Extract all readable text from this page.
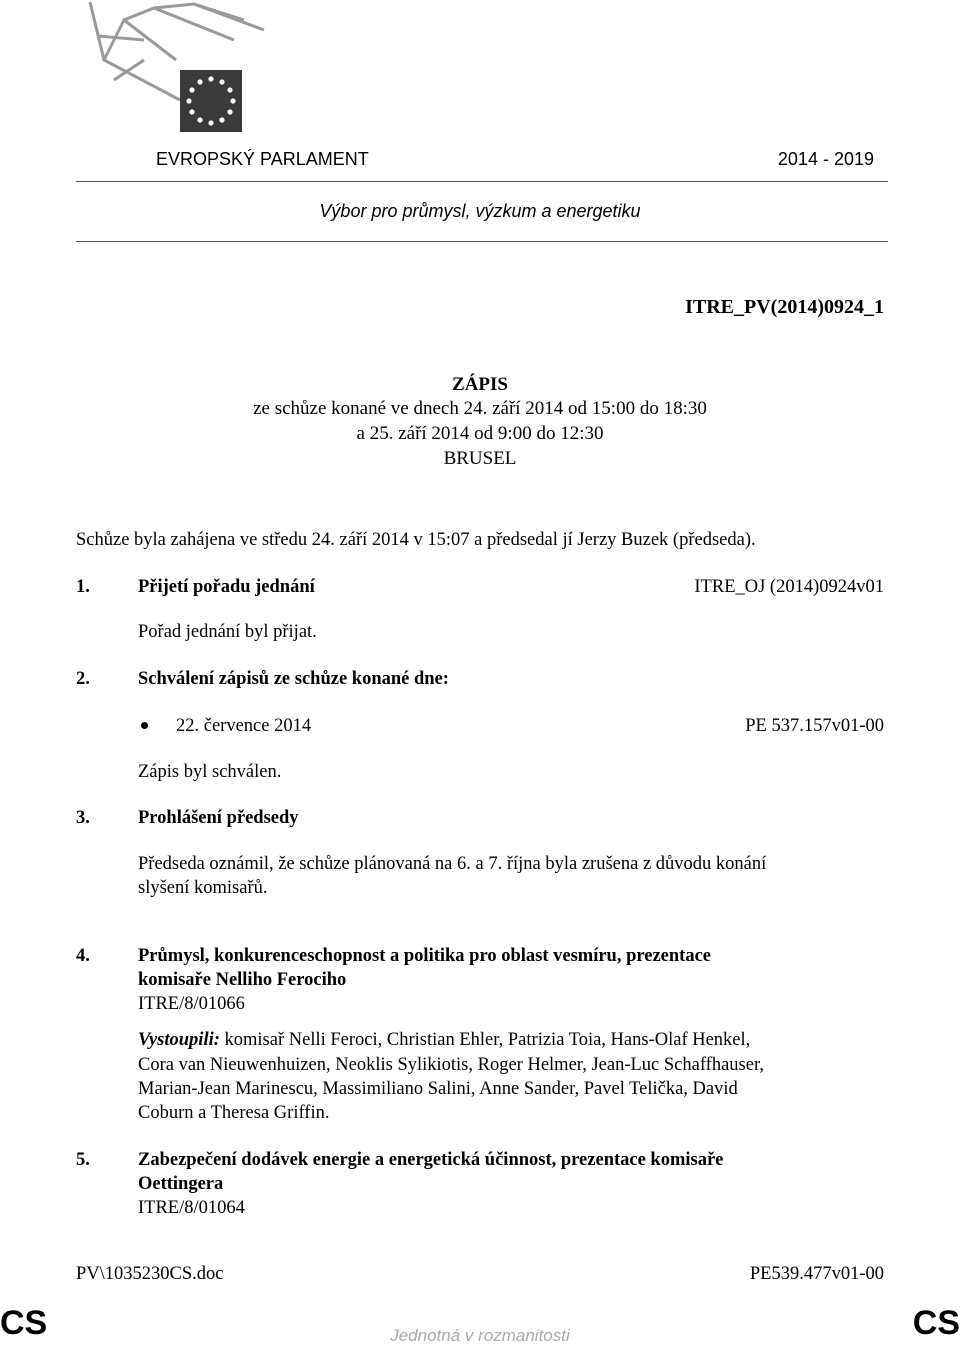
EVROPSKÝ PARLAMENT	2014 - 2019
Výbor pro průmysl, výzkum a energetiku
ITRE_PV(2014)0924_1
ZÁPIS
ze schůze konané ve dnech 24. září 2014 od 15:00 do 18:30
a 25. září 2014 od 9:00 do 12:30
BRUSEL
Schůze byla zahájena ve středu 24. září 2014 v 15:07 a předsedal jí Jerzy Buzek (předseda).
1.	Přijetí pořadu jednání	ITRE_OJ (2014)0924v01
Pořad jednání byl přijat.
2.	Schválení zápisů ze schůze konané dne:
22. července 2014	PE 537.157v01-00
Zápis byl schválen.
3.	Prohlášení předsedy
Předseda oznámil, že schůze plánovaná na 6. a 7. října byla zrušena z důvodu konání
slyšení komisařů.
4.	Průmysl, konkurenceschopnost a politika pro oblast vesmíru, prezentace
komisaře Nelliho Ferociho
ITRE/8/01066
Vystoupili: komisař Nelli Feroci, Christian Ehler, Patrizia Toia, Hans-Olaf Henkel,
Cora van Nieuwenhuizen, Neoklis Sylikiotis, Roger Helmer, Jean-Luc Schaffhauser,
Marian-Jean Marinescu, Massimiliano Salini, Anne Sander, Pavel Telička, David
Coburn a Theresa Griffin.
5.	Zabezpečení dodávek energie a energetická účinnost, prezentace komisaře
Oettingera
ITRE/8/01064
PV\1035230CS.doc	PE539.477v01-00
CS	CS
Jednotná v rozmanitosti
